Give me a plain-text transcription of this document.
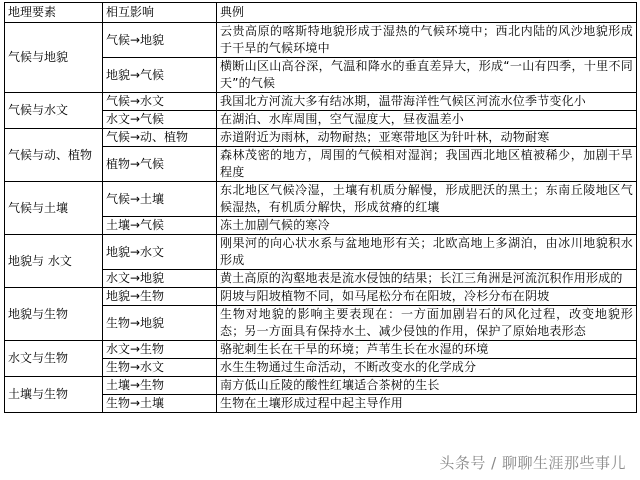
地理要素	相互影响	典例
气候与地貌	气候→地貌	云贵高原的喀斯特地貌形成于湿热的气候环境中；西北内陆的风沙地貌形成于干旱的气候环境中
	地貌→气候	横断山区山高谷深，气温和降水的垂直差异大，形成“一山有四季，十里不同天”的气候
气候与水文	气候→水文	我国北方河流大多有结冰期，温带海洋性气候区河流水位季节变化小
	水文→气候	在湖泊、水库周围，空气湿度大，昼夜温差小
气候与动、植物	气候→动、植物	赤道附近为雨林，动物耐热；亚寒带地区为针叶林，动物耐寒
	植物→气候	森林茂密的地方，周围的气候相对湿润；我国西北地区植被稀少，加剧干旱程度
气候与土壤	气候→土壤	东北地区气候冷湿，土壤有机质分解慢，形成肥沃的黑土；东南丘陵地区气候湿热，有机质分解快，形成贫瘠的红壤
	土壤→气候	冻土加剧气候的寒冷
地貌与 水文	地貌→水文	刚果河的向心状水系与盆地地形有关；北欧高地上多湖泊，由冰川地貌积水形成
	水文→地貌	黄土高原的沟壑地表是流水侵蚀的结果；长江三角洲是河流沉积作用形成的
地貌与生物	地貌→生物	阴坡与阳坡植物不同，如马尾松分布在阳坡，冷杉分布在阴坡
	生物→地貌	生物对地貌的影响主要表现在：一方面加剧岩石的风化过程，改变地貌形态；另一方面具有保持水土、减少侵蚀的作用，保护了原始地表形态
水文与生物	水文→生物	骆驼刺生长在干旱的环境；芦苇生长在水湿的环境
	生物→水文	水生生物通过生命活动，不断改变水的化学成分
土壤与生物	土壤→生物	南方低山丘陵的酸性红壤适合茶树的生长
	生物→土壤	生物在土壤形成过程中起主导作用
头条号 / 聊聊生涯那些事儿
